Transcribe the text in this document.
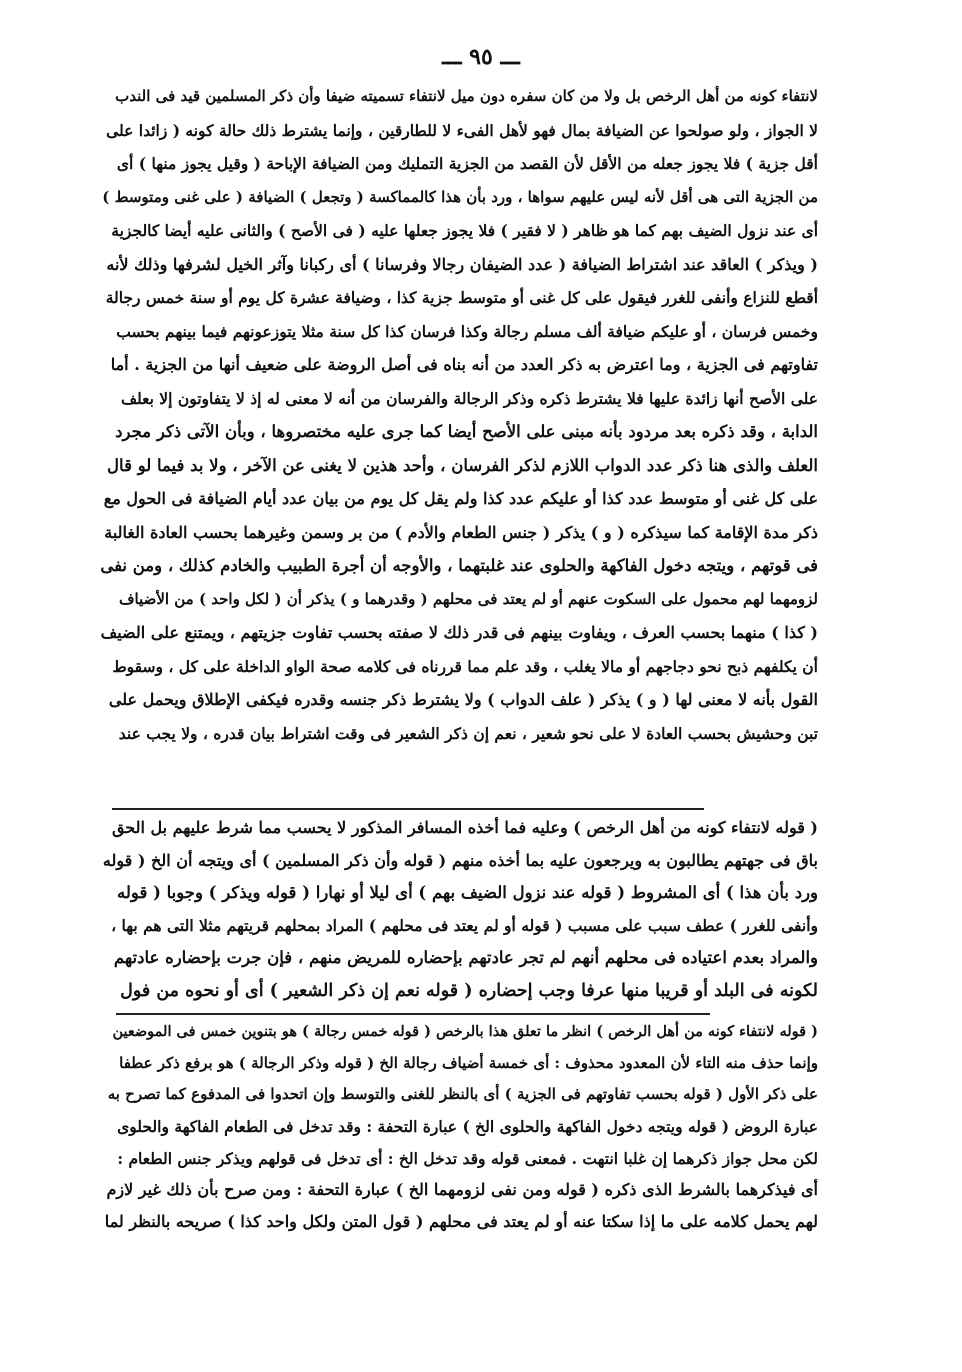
ـــ ٩٥ ـــ
لانتفاء كونه من أهل الرخص بل ولا من كان سفره دون ميل لانتفاء تسميته ضيفا وأن ذكر المسلمين قيد فى الندب
لا الجواز ، ولو صولحوا عن الضيافة بمال فهو لأهل الفىء لا للطارقين ، وإنما يشترط ذلك حالة كونه ( زائدا على
أقل جزية ) فلا يجوز جعله من الأقل لأن القصد من الجزية التمليك ومن الضيافة الإباحة ( وقيل يجوز منها ) أى
من الجزية التى هى أقل لأنه ليس عليهم سواها ، ورد بأن هذا كالمماكسة ( وتجعل ) الضيافة ( على غنى ومتوسط )
أى عند نزول الضيف بهم كما هو ظاهر ( لا فقير ) فلا يجوز جعلها عليه ( فى الأصح ) والثانى عليه أيضا كالجزية
( ويذكر ) العاقد عند اشتراط الضيافة ( عدد الضيفان رجالا وفرسانا ) أى ركبانا وآثر الخيل لشرفها وذلك لأنه
أقطع للنزاع وأنفى للغرر فيقول على كل غنى أو متوسط جزية كذا ، وضيافة عشرة كل يوم أو سنة خمس رجالة
وخمس فرسان ، أو عليكم ضيافة ألف مسلم رجالة وكذا فرسان كذا كل سنة مثلا يتوزعونهم فيما بينهم بحسب
تفاوتهم فى الجزية ، وما اعترض به ذكر العدد من أنه بناه فى أصل الروضة على ضعيف أنها من الجزية . أما
على الأصح أنها زائدة عليها فلا يشترط ذكره وذكر الرجالة والفرسان من أنه لا معنى له إذ لا يتفاوتون إلا بعلف
الدابة ، وقد ذكره بعد مردود بأنه مبنى على الأصح أيضا كما جرى عليه مختصروها ، وبأن الآتى ذكر مجرد
العلف والذى هنا ذكر عدد الدواب اللازم لذكر الفرسان ، وأحد هذين لا يغنى عن الآخر ، ولا بد فيما لو قال
على كل غنى أو متوسط عدد كذا أو عليكم عدد كذا ولم يقل كل يوم من بيان عدد أيام الضيافة فى الحول مع
ذكر مدة الإقامة كما سيذكره ( و ) يذكر ( جنس الطعام والأدم ) من بر وسمن وغيرهما بحسب العادة الغالبة
فى قوتهم ، ويتجه دخول الفاكهة والحلوى عند غلبتهما ، والأوجه أن أجرة الطبيب والخادم كذلك ، ومن نفى
لزومهما لهم محمول على السكوت عنهم أو لم يعتد فى محلهم ( وقدرهما و ) يذكر أن ( لكل واحد ) من الأضياف
( كذا ) منهما بحسب العرف ، ويفاوت بينهم فى قدر ذلك لا صفته بحسب تفاوت جزيتهم ، ويمتنع على الضيف
أن يكلفهم ذبح نحو دجاجهم أو مالا يغلب ، وقد علم مما قررناه فى كلامه صحة الواو الداخلة على كل ، وسقوط
القول بأنه لا معنى لها ( و ) يذكر ( علف الدواب ) ولا يشترط ذكر جنسه وقدره فيكفى الإطلاق ويحمل على
تبن وحشيش بحسب العادة لا على نحو شعير ، نعم إن ذكر الشعير فى وقت اشتراط بيان قدره ، ولا يجب عند
( قوله لانتفاء كونه من أهل الرخص ) وعليه فما أخذه المسافر المذكور لا يحسب مما شرط عليهم بل الحق
باق فى جهتهم يطالبون به ويرجعون عليه بما أخذه منهم ( قوله وأن ذكر المسلمين ) أى ويتجه أن الخ ( قوله
ورد بأن هذا ) أى المشروط ( قوله عند نزول الضيف بهم ) أى ليلا أو نهارا ( قوله ويذكر ) وجوبا ( قوله
وأنفى للغرر ) عطف سبب على مسبب ( قوله أو لم يعتد فى محلهم ) المراد بمحلهم قريتهم مثلا التى هم بها ،
والمراد بعدم اعتياده فى محلهم أنهم لم تجر عادتهم بإحضاره للمريض منهم ، فإن جرت بإحضاره عادتهم
لكونه فى البلد أو قريبا منها عرفا وجب إحضاره ( قوله نعم إن ذكر الشعير ) أى أو نحوه من فول
( قوله لانتفاء كونه من أهل الرخص ) انظر ما تعلق هذا بالرخص ( قوله خمس رجالة ) هو بتنوين خمس فى الموضعين
وإنما حذف منه التاء لأن المعدود محذوف : أى خمسة أضياف رجالة الخ ( قوله وذكر الرجالة ) هو برفع ذكر عطفا
على ذكر الأول ( قوله بحسب تفاوتهم فى الجزية ) أى بالنظر للغنى والتوسط وإن اتحدوا فى المدفوع كما تصرح به
عبارة الروض ( قوله ويتجه دخول الفاكهة والحلوى الخ ) عبارة التحفة : وقد تدخل فى الطعام الفاكهة والحلوى
لكن محل جواز ذكرهما إن غلبا انتهت . فمعنى قوله وقد تدخل الخ : أى تدخل فى قولهم ويذكر جنس الطعام :
أى فيذكرهما بالشرط الذى ذكره ( قوله ومن نفى لزومهما الخ ) عبارة التحفة : ومن صرح بأن ذلك غير لازم
لهم يحمل كلامه على ما إذا سكتا عنه أو لم يعتد فى محلهم ( قول المتن ولكل واحد كذا ) صريحه بالنظر لما
